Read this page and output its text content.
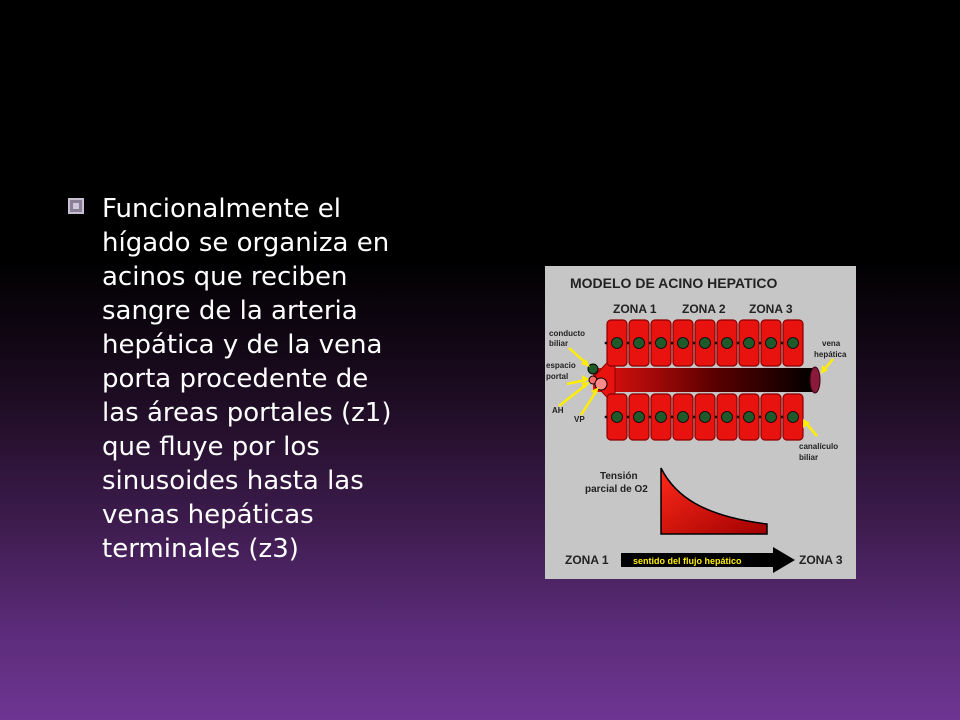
Funcionalmente el
hígado se organiza en
acinos que reciben
sangre de la arteria
hepática y de la vena
porta procedente de
las áreas portales (z1)
que fluye por los
sinusoides hasta las
venas hepáticas
terminales (z3)
MODELO DE ACINO HEPATICO
ZONA 1 ZONA 2 ZONA 3
conducto
biliar
espacio
portal
AH
VP
vena
hepática
canalículo
biliar
Tensión
parcial de O2
ZONA 1	sentido del flujo hepático	ZONA 3
